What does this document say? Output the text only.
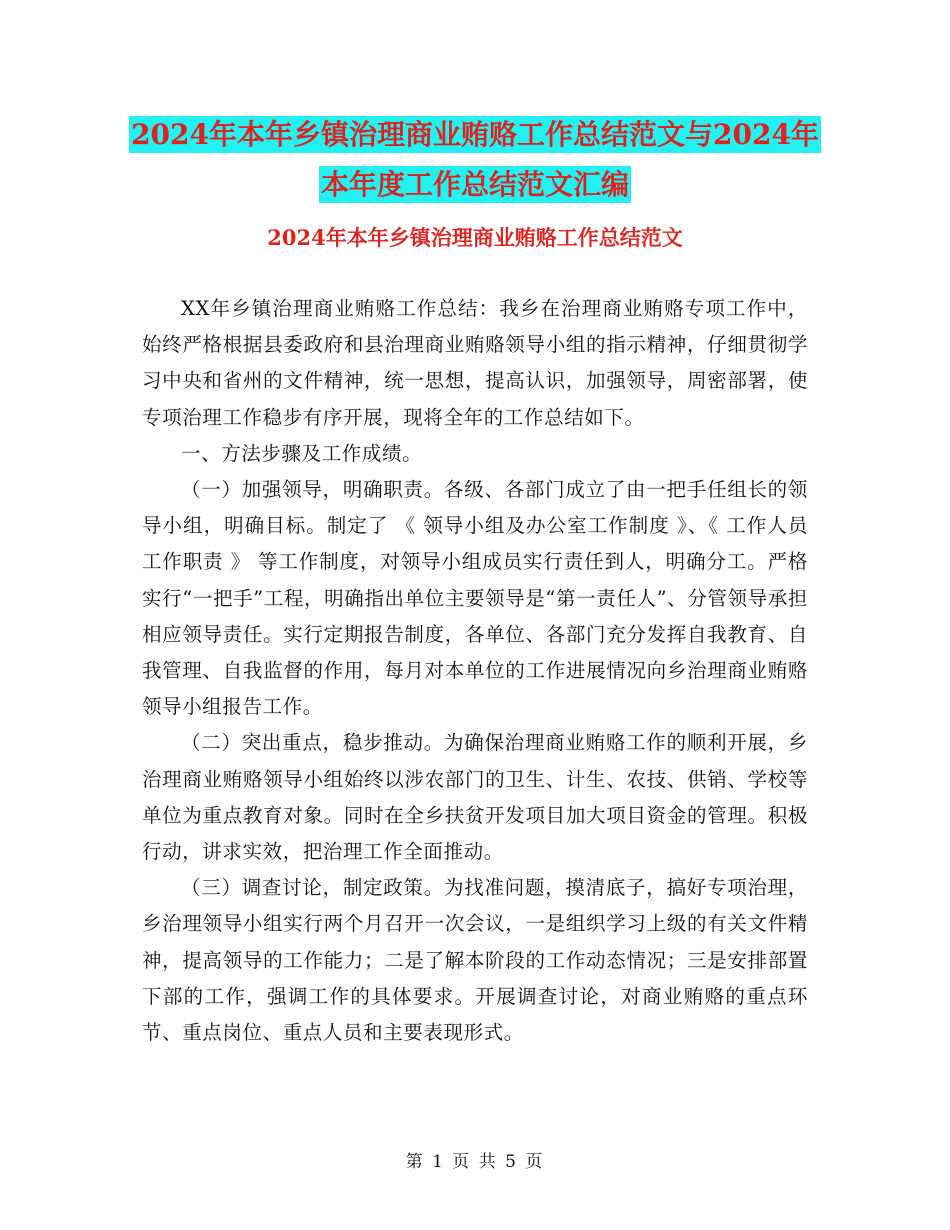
2024年本年乡镇治理商业贿赂工作总结范文与2024年
本年度工作总结范文汇编
2024年本年乡镇治理商业贿赂工作总结范文

XX年乡镇治理商业贿赂工作总结：我乡在治理商业贿赂专项工作中，始终严格根据县委政府和县治理商业贿赂领导小组的指示精神，仔细贯彻学习中央和省州的文件精神，统一思想，提高认识，加强领导，周密部署，使专项治理工作稳步有序开展，现将全年的工作总结如下。

一、方法步骤及工作成绩。

（一）加强领导，明确职责。各级、各部门成立了由一把手任组长的领导小组，明确目标。制定了 《 领导小组及办公室工作制度 》、《 工作人员工作职责 》 等工作制度，对领导小组成员实行责任到人，明确分工。严格实行“一把手”工程，明确指出单位主要领导是“第一责任人”、分管领导承担相应领导责任。实行定期报告制度，各单位、各部门充分发挥自我教育、自我管理、自我监督的作用，每月对本单位的工作进展情况向乡治理商业贿赂领导小组报告工作。

（二）突出重点，稳步推动。为确保治理商业贿赂工作的顺利开展，乡治理商业贿赂领导小组始终以涉农部门的卫生、计生、农技、供销、学校等单位为重点教育对象。同时在全乡扶贫开发项目加大项目资金的管理。积极行动，讲求实效，把治理工作全面推动。

（三）调查讨论，制定政策。为找准问题，摸清底子，搞好专项治理，乡治理领导小组实行两个月召开一次会议，一是组织学习上级的有关文件精神，提高领导的工作能力；二是了解本阶段的工作动态情况；三是安排部置下部的工作，强调工作的具体要求。开展调查讨论，对商业贿赂的重点环节、重点岗位、重点人员和主要表现形式。

第 1 页 共 5 页
